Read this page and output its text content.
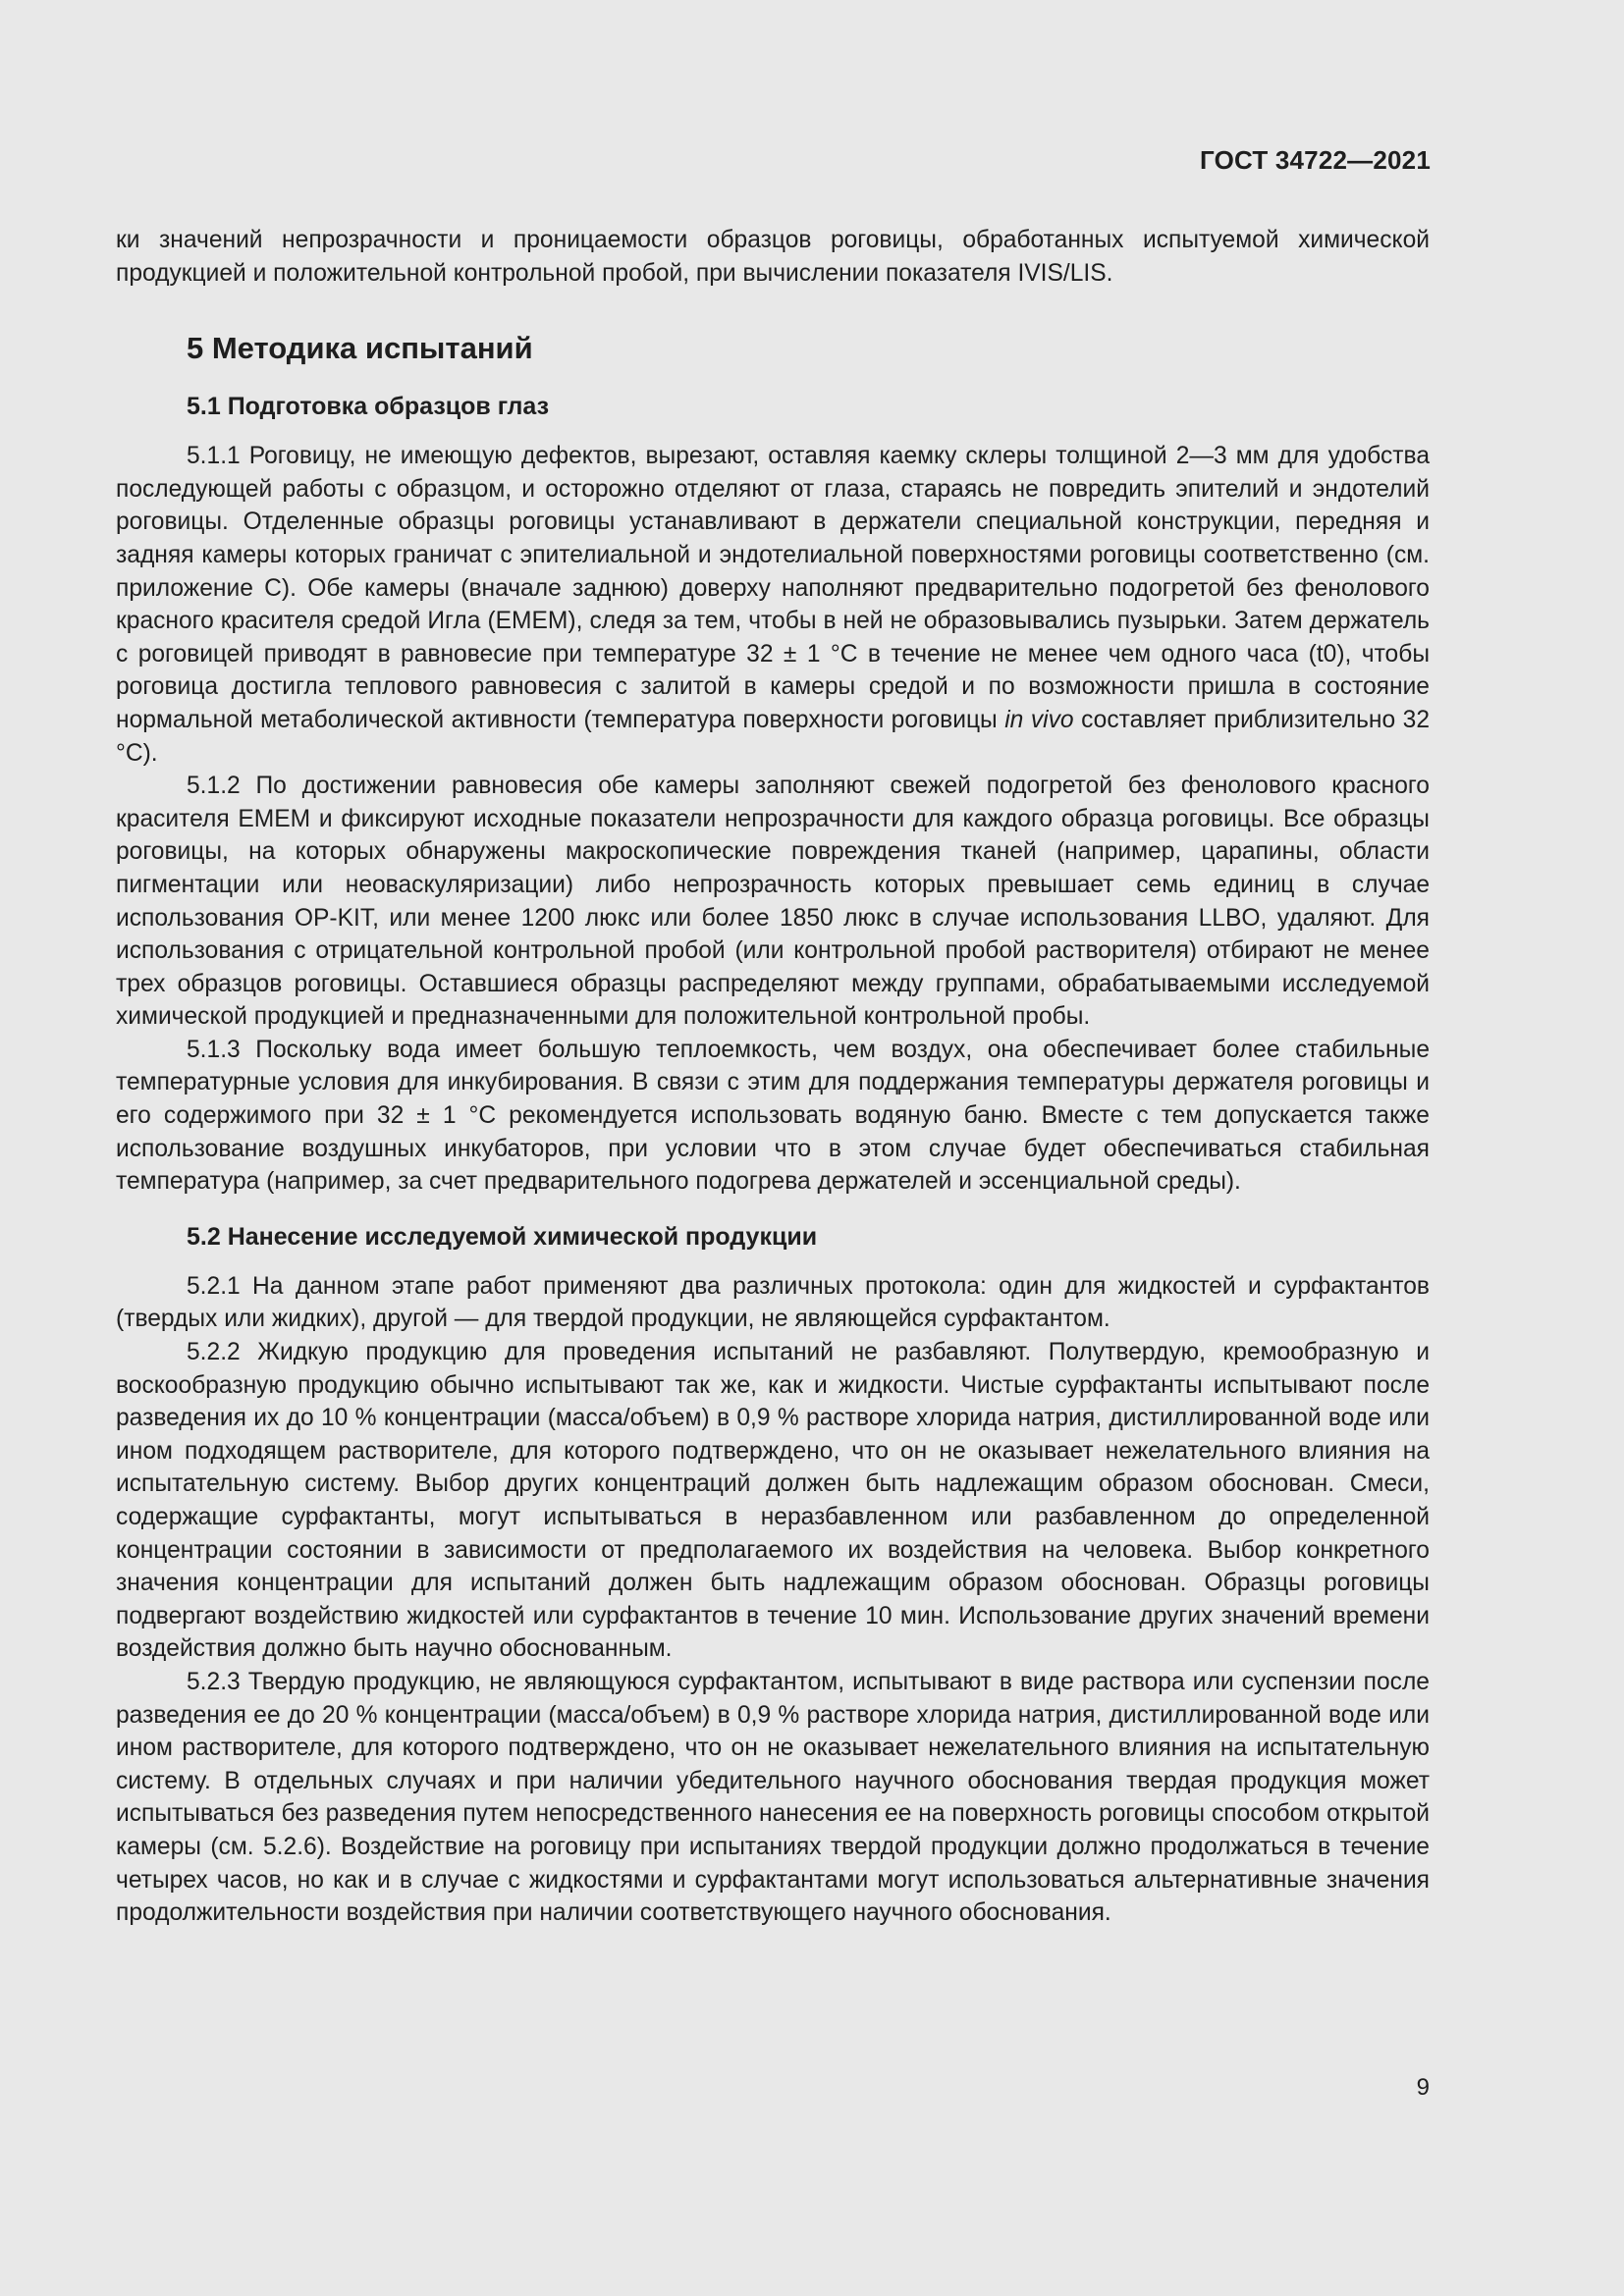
ГОСТ 34722—2021

ки значений непрозрачности и проницаемости образцов роговицы, обработанных испытуемой химической продукцией и положительной контрольной пробой, при вычислении показателя IVIS/LIS.

5 Методика испытаний
5.1 Подготовка образцов глаз

5.1.1 Роговицу, не имеющую дефектов, вырезают, оставляя каемку склеры толщиной 2—3 мм для удобства последующей работы с образцом, и осторожно отделяют от глаза, стараясь не повредить эпителий и эндотелий роговицы. Отделенные образцы роговицы устанавливают в держатели специальной конструкции, передняя и задняя камеры которых граничат с эпителиальной и эндотелиальной поверхностями роговицы соответственно (см. приложение С). Обе камеры (вначале заднюю) доверху наполняют предварительно подогретой без фенолового красного красителя средой Игла (ЕМЕМ), следя за тем, чтобы в ней не образовывались пузырьки. Затем держатель с роговицей приводят в равновесие при температуре 32 ± 1 °C в течение не менее чем одного часа (t0), чтобы роговица достигла теплового равновесия с залитой в камеры средой и по возможности пришла в состояние нормальной метаболической активности (температура поверхности роговицы in vivo составляет приблизительно 32 °C).

5.1.2 По достижении равновесия обе камеры заполняют свежей подогретой без фенолового красного красителя ЕМЕМ и фиксируют исходные показатели непрозрачности для каждого образца роговицы. Все образцы роговицы, на которых обнаружены макроскопические повреждения тканей (например, царапины, области пигментации или неоваскуляризации) либо непрозрачность которых превышает семь единиц в случае использования OP-KIT, или менее 1200 люкс или более 1850 люкс в случае использования LLBO, удаляют. Для использования с отрицательной контрольной пробой (или контрольной пробой растворителя) отбирают не менее трех образцов роговицы. Оставшиеся образцы распределяют между группами, обрабатываемыми исследуемой химической продукцией и предназначенными для положительной контрольной пробы.

5.1.3 Поскольку вода имеет большую теплоемкость, чем воздух, она обеспечивает более стабильные температурные условия для инкубирования. В связи с этим для поддержания температуры держателя роговицы и его содержимого при 32 ± 1 °C рекомендуется использовать водяную баню. Вместе с тем допускается также использование воздушных инкубаторов, при условии что в этом случае будет обеспечиваться стабильная температура (например, за счет предварительного подогрева держателей и эссенциальной среды).

5.2 Нанесение исследуемой химической продукции

5.2.1 На данном этапе работ применяют два различных протокола: один для жидкостей и сурфактантов (твердых или жидких), другой — для твердой продукции, не являющейся сурфактантом.

5.2.2 Жидкую продукцию для проведения испытаний не разбавляют. Полутвердую, кремообразную и воскообразную продукцию обычно испытывают так же, как и жидкости. Чистые сурфактанты испытывают после разведения их до 10 % концентрации (масса/объем) в 0,9 % растворе хлорида натрия, дистиллированной воде или ином подходящем растворителе, для которого подтверждено, что он не оказывает нежелательного влияния на испытательную систему. Выбор других концентраций должен быть надлежащим образом обоснован. Смеси, содержащие сурфактанты, могут испытываться в неразбавленном или разбавленном до определенной концентрации состоянии в зависимости от предполагаемого их воздействия на человека. Выбор конкретного значения концентрации для испытаний должен быть надлежащим образом обоснован. Образцы роговицы подвергают воздействию жидкостей или сурфактантов в течение 10 мин. Использование других значений времени воздействия должно быть научно обоснованным.

5.2.3 Твердую продукцию, не являющуюся сурфактантом, испытывают в виде раствора или суспензии после разведения ее до 20 % концентрации (масса/объем) в 0,9 % растворе хлорида натрия, дистиллированной воде или ином растворителе, для которого подтверждено, что он не оказывает нежелательного влияния на испытательную систему. В отдельных случаях и при наличии убедительного научного обоснования твердая продукция может испытываться без разведения путем непосредственного нанесения ее на поверхность роговицы способом открытой камеры (см. 5.2.6). Воздействие на роговицу при испытаниях твердой продукции должно продолжаться в течение четырех часов, но как и в случае с жидкостями и сурфактантами могут использоваться альтернативные значения продолжительности воздействия при наличии соответствующего научного обоснования.

9
